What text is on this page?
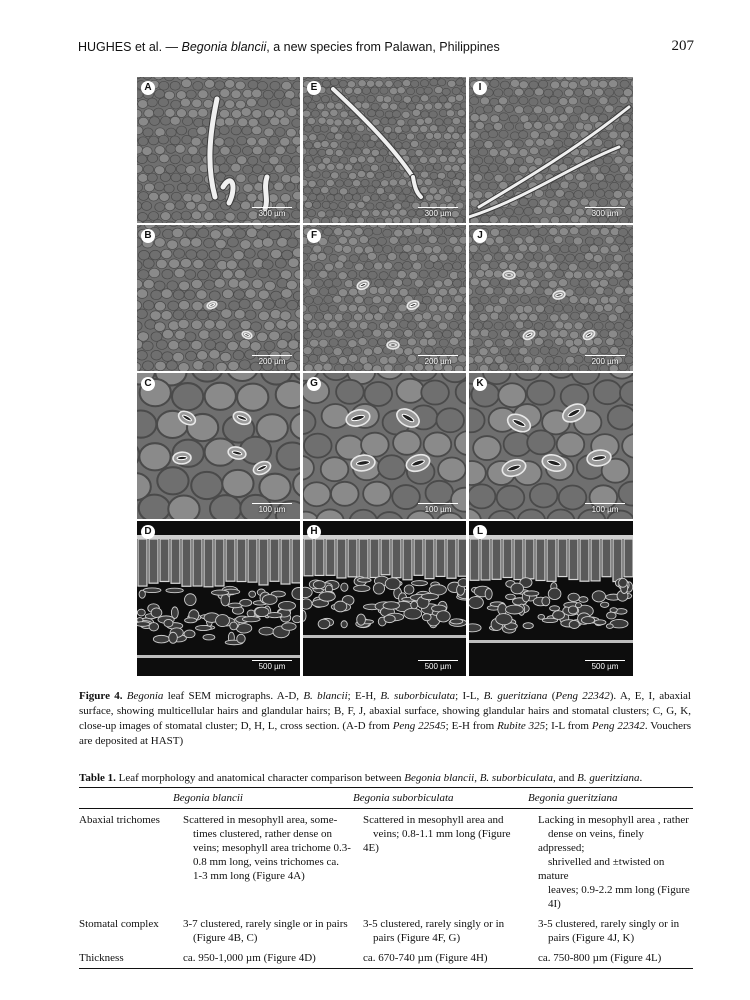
HUGHES et al. — Begonia blancii, a new species from Palawan, Philippines	207
A
300 µm
E
300 µm
I
300 µm
B
200 µm
F
200 µm
J
200 µm
C
100 µm
G
100 µm
K
100 µm
D
500 µm
H
500 µm
L
500 µm
Figure 4. Begonia leaf SEM micrographs. A-D, B. blancii; E-H, B. suborbiculata; I-L, B. gueritziana (Peng 22342). A, E, I, abaxial surface, showing multicellular hairs and glandular hairs; B, F, J, abaxial surface, showing glandular hairs and stomatal clusters; C, G, K, close-up images of stomatal cluster; D, H, L, cross section. (A-D from Peng 22545; E-H from Rubite 325; I-L from Peng 22342. Vouchers are deposited at HAST)
Table 1. Leaf morphology and anatomical character comparison between Begonia blancii, B. suborbiculata, and B. gueritziana.
	Begonia blancii	Begonia suborbiculata	Begonia gueritziana
Abaxial trichomes	Scattered in mesophyll area, some-
times clustered, rather dense on
veins; mesophyll area trichome 0.3-
0.8 mm long, veins trichomes ca.
1-3 mm long (Figure 4A)	Scattered in mesophyll area and
veins; 0.8-1.1 mm long (Figure 4E)	Lacking in mesophyll area , rather
dense on veins, finely adpressed;
shrivelled and ±twisted on mature
leaves; 0.9-2.2 mm long (Figure
4I)

Stomatal complex	3-7 clustered, rarely single or in pairs
(Figure 4B, C)	3-5 clustered, rarely singly or in
pairs (Figure 4F, G)	3-5 clustered, rarely singly or in
pairs (Figure 4J, K)

Thickness	ca. 950-1,000 µm (Figure 4D)	ca. 670-740 µm (Figure 4H)	ca. 750-800 µm (Figure 4L)
